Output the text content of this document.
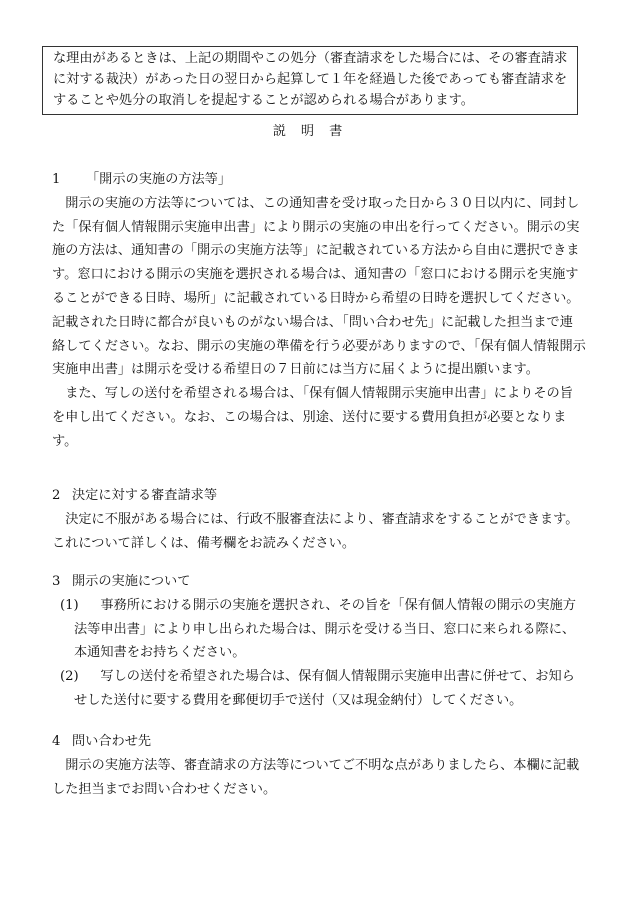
な理由があるときは、上記の期間やこの処分（審査請求をした場合には、その審査請求に対する裁決）があった日の翌日から起算して１年を経過した後であっても審査請求をすることや処分の取消しを提起することが認められる場合があります。
説明書
1 「開示の実施の方法等」
開示の実施の方法等については、この通知書を受け取った日から３０日以内に、同封した「保有個人情報開示実施申出書」により開示の実施の申出を行ってください。開示の実施の方法は、通知書の「開示の実施方法等」に記載されている方法から自由に選択できます。窓口における開示の実施を選択される場合は、通知書の「窓口における開示を実施することができる日時、場所」に記載されている日時から希望の日時を選択してください。記載された日時に都合が良いものがない場合は、「問い合わせ先」に記載した担当まで連絡してください。なお、開示の実施の準備を行う必要がありますので、「保有個人情報開示実施申出書」は開示を受ける希望日の７日前には当方に届くように提出願います。
また、写しの送付を希望される場合は、「保有個人情報開示実施申出書」によりその旨を申し出てください。なお、この場合は、別途、送付に要する費用負担が必要となります。
2 決定に対する審査請求等
決定に不服がある場合には、行政不服審査法により、審査請求をすることができます。これについて詳しくは、備考欄をお読みください。
3 開示の実施について
(1)	事務所における開示の実施を選択され、その旨を「保有個人情報の開示の実施方法等申出書」により申し出られた場合は、開示を受ける当日、窓口に来られる際に、本通知書をお持ちください。
(2)	写しの送付を希望された場合は、保有個人情報開示実施申出書に併せて、お知らせした送付に要する費用を郵便切手で送付（又は現金納付）してください。
4 問い合わせ先
開示の実施方法等、審査請求の方法等についてご不明な点がありましたら、本欄に記載した担当までお問い合わせください。
